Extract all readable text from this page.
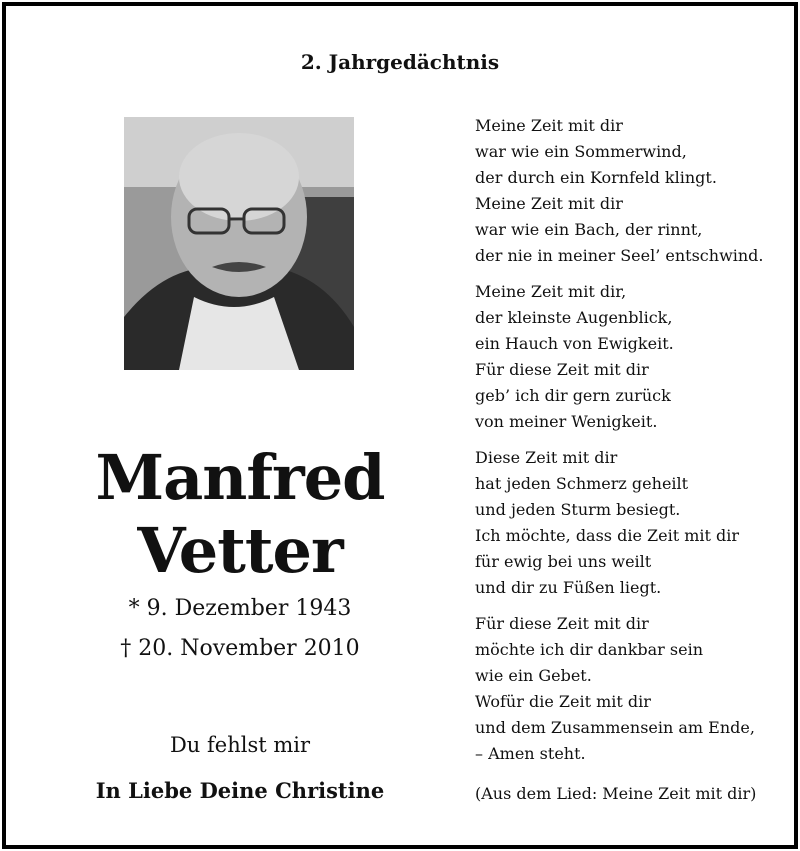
2. Jahrgedächtnis
Manfred
Vetter
* 9. Dezember 1943
† 20. November 2010
Du fehlst mir
In Liebe Deine Christine
Meine Zeit mit dir
war wie ein Sommerwind,
der durch ein Kornfeld klingt.
Meine Zeit mit dir
war wie ein Bach, der rinnt,
der nie in meiner Seel’ entschwind.
Meine Zeit mit dir,
der kleinste Augenblick,
ein Hauch von Ewigkeit.
Für diese Zeit mit dir
geb’ ich dir gern zurück
von meiner Wenigkeit.
Diese Zeit mit dir
hat jeden Schmerz geheilt
und jeden Sturm besiegt.
Ich möchte, dass die Zeit mit dir
für ewig bei uns weilt
und dir zu Füßen liegt.
Für diese Zeit mit dir
möchte ich dir dankbar sein
wie ein Gebet.
Wofür die Zeit mit dir
und dem Zusammensein am Ende,
– Amen steht.
(Aus dem Lied: Meine Zeit mit dir)
